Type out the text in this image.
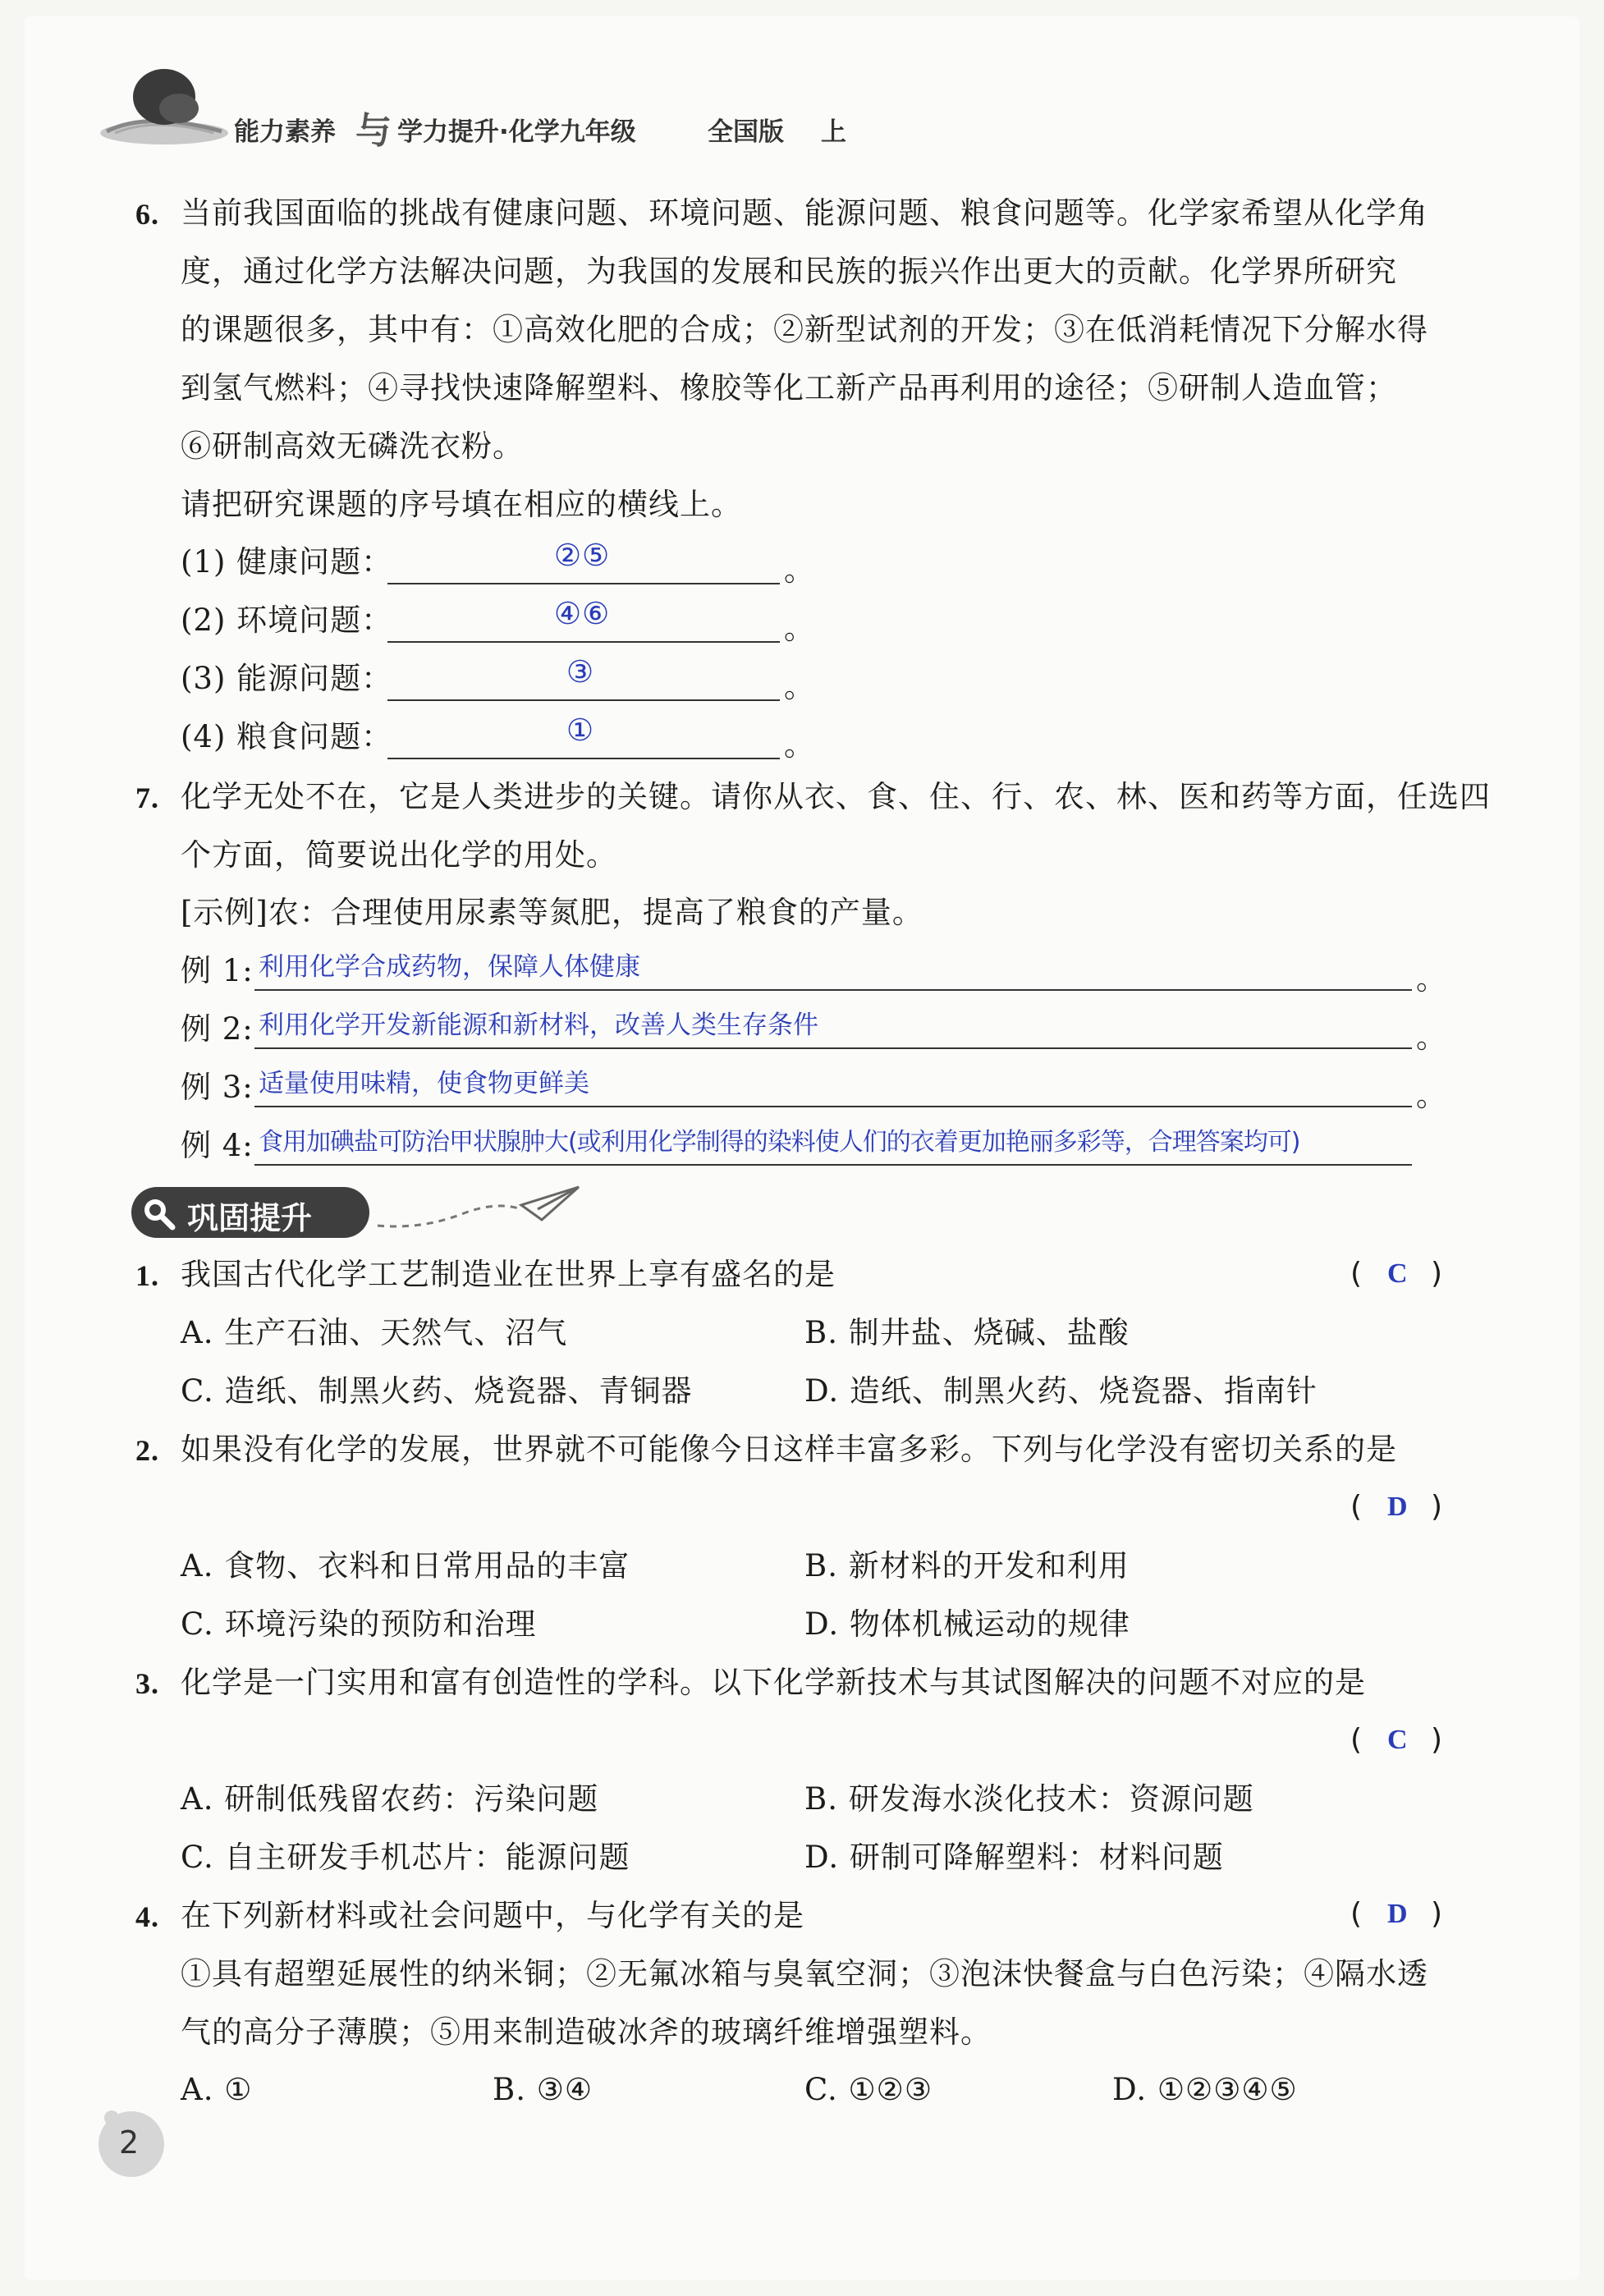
能力素养 与 学力提升·化学九年级	全国版 上
6. 当前我国面临的挑战有健康问题、环境问题、能源问题、粮食问题等。化学家希望从化学角
度，通过化学方法解决问题，为我国的发展和民族的振兴作出更大的贡献。化学界所研究
的课题很多，其中有：①高效化肥的合成；②新型试剂的开发；③在低消耗情况下分解水得
到氢气燃料；④寻找快速降解塑料、橡胶等化工新产品再利用的途径；⑤研制人造血管；
⑥研制高效无磷洗衣粉。
请把研究课题的序号填在相应的横线上。
(1) 健康问题：	②⑤	。
(2) 环境问题：	④⑥	。
(3) 能源问题：	③	。
(4) 粮食问题：	①	。
7. 化学无处不在，它是人类进步的关键。请你从衣、食、住、行、农、林、医和药等方面，任选四
个方面，简要说出化学的用处。
[示例]农：合理使用尿素等氮肥，提高了粮食的产量。
例 1: 利用化学合成药物，保障人体健康	。
例 2: 利用化学开发新能源和新材料，改善人类生存条件	。
例 3: 适量使用味精，使食物更鲜美	。
例 4: 食用加碘盐可防治甲状腺肿大(或利用化学制得的染料使人们的衣着更加艳丽多彩等，合理答案均可)
巩固提升
1. 我国古代化学工艺制造业在世界上享有盛名的是	( C )
A. 生产石油、天然气、沼气	B. 制井盐、烧碱、盐酸
C. 造纸、制黑火药、烧瓷器、青铜器	D. 造纸、制黑火药、烧瓷器、指南针
2. 如果没有化学的发展，世界就不可能像今日这样丰富多彩。下列与化学没有密切关系的是
( D )
A. 食物、衣料和日常用品的丰富	B. 新材料的开发和利用
C. 环境污染的预防和治理	D. 物体机械运动的规律
3. 化学是一门实用和富有创造性的学科。以下化学新技术与其试图解决的问题不对应的是
( C )
A. 研制低残留农药：污染问题	B. 研发海水淡化技术：资源问题
C. 自主研发手机芯片：能源问题	D. 研制可降解塑料：材料问题
4. 在下列新材料或社会问题中，与化学有关的是	( D )
①具有超塑延展性的纳米铜；②无氟冰箱与臭氧空洞；③泡沫快餐盒与白色污染；④隔水透
气的高分子薄膜；⑤用来制造破冰斧的玻璃纤维增强塑料。
A. ①	B. ③④	C. ①②③	D. ①②③④⑤
2
